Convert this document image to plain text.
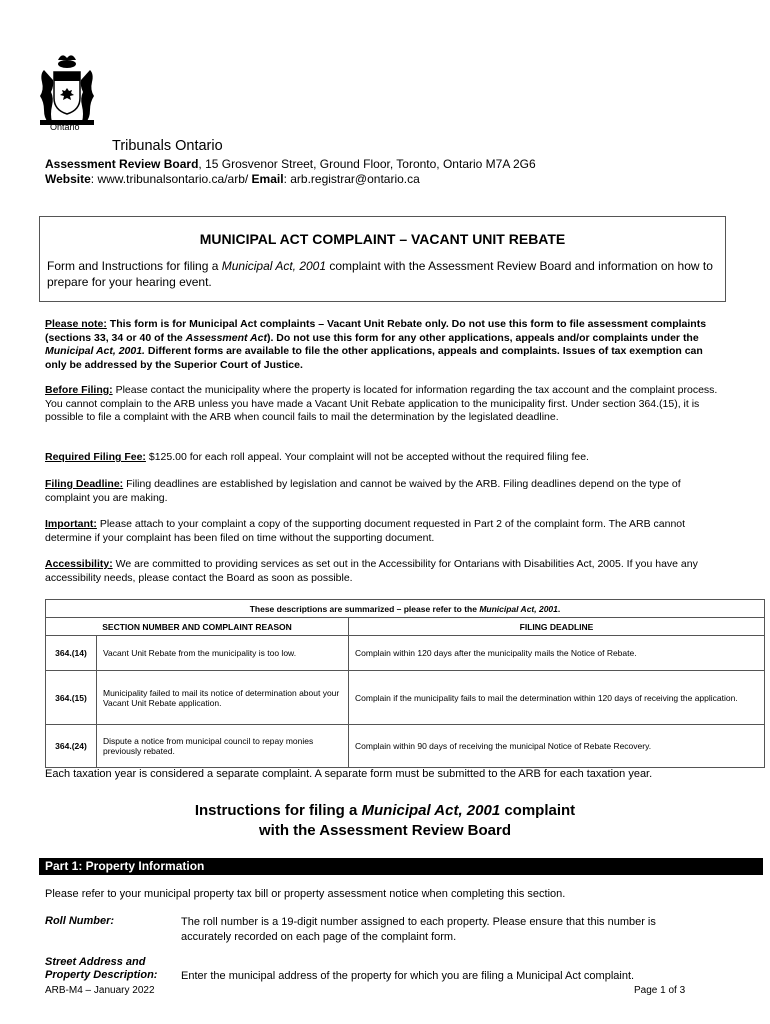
Ontario
Tribunals Ontario
Assessment Review Board, 15 Grosvenor Street, Ground Floor, Toronto, Ontario M7A 2G6
Website: www.tribunalsontario.ca/arb/ Email: arb.registrar@ontario.ca
MUNICIPAL ACT COMPLAINT – VACANT UNIT REBATE
Form and Instructions for filing a Municipal Act, 2001 complaint with the Assessment Review Board and information on how to prepare for your hearing event.
Please note: This form is for Municipal Act complaints – Vacant Unit Rebate only. Do not use this form to file assessment complaints (sections 33, 34 or 40 of the Assessment Act). Do not use this form for any other applications, appeals and/or complaints under the Municipal Act, 2001. Different forms are available to file the other applications, appeals and complaints. Issues of tax exemption can only be addressed by the Superior Court of Justice.
Before Filing: Please contact the municipality where the property is located for information regarding the tax account and the complaint process. You cannot complain to the ARB unless you have made a Vacant Unit Rebate application to the municipality first. Under section 364.(15), it is possible to file a complaint with the ARB when council fails to mail the determination by the legislated deadline.
Required Filing Fee: $125.00 for each roll appeal. Your complaint will not be accepted without the required filing fee.
Filing Deadline: Filing deadlines are established by legislation and cannot be waived by the ARB. Filing deadlines depend on the type of complaint you are making.
Important: Please attach to your complaint a copy of the supporting document requested in Part 2 of the complaint form. The ARB cannot determine if your complaint has been filed on time without the supporting document.
Accessibility: We are committed to providing services as set out in the Accessibility for Ontarians with Disabilities Act, 2005. If you have any accessibility needs, please contact the Board as soon as possible.
These descriptions are summarized – please refer to the Municipal Act, 2001.		
SECTION NUMBER AND COMPLAINT REASON		FILING DEADLINE
364.(14)	Vacant Unit Rebate from the municipality is too low.	Complain within 120 days after the municipality mails the Notice of Rebate.
364.(15)	Municipality failed to mail its notice of determination about your Vacant Unit Rebate application.	Complain if the municipality fails to mail the determination within 120 days of receiving the application.
364.(24)	Dispute a notice from municipal council to repay monies previously rebated.	Complain within 90 days of receiving the municipal Notice of Rebate Recovery.
Each taxation year is considered a separate complaint. A separate form must be submitted to the ARB for each taxation year.
Instructions for filing a Municipal Act, 2001 complaint
with the Assessment Review Board
Part 1: Property Information
Please refer to your municipal property tax bill or property assessment notice when completing this section.
Roll Number:	The roll number is a 19-digit number assigned to each property. Please ensure that this number is accurately recorded on each page of the complaint form.
Street Address and
Property Description: Enter the municipal address of the property for which you are filing a Municipal Act complaint.
ARB-M4 – January 2022	Page 1 of 3
